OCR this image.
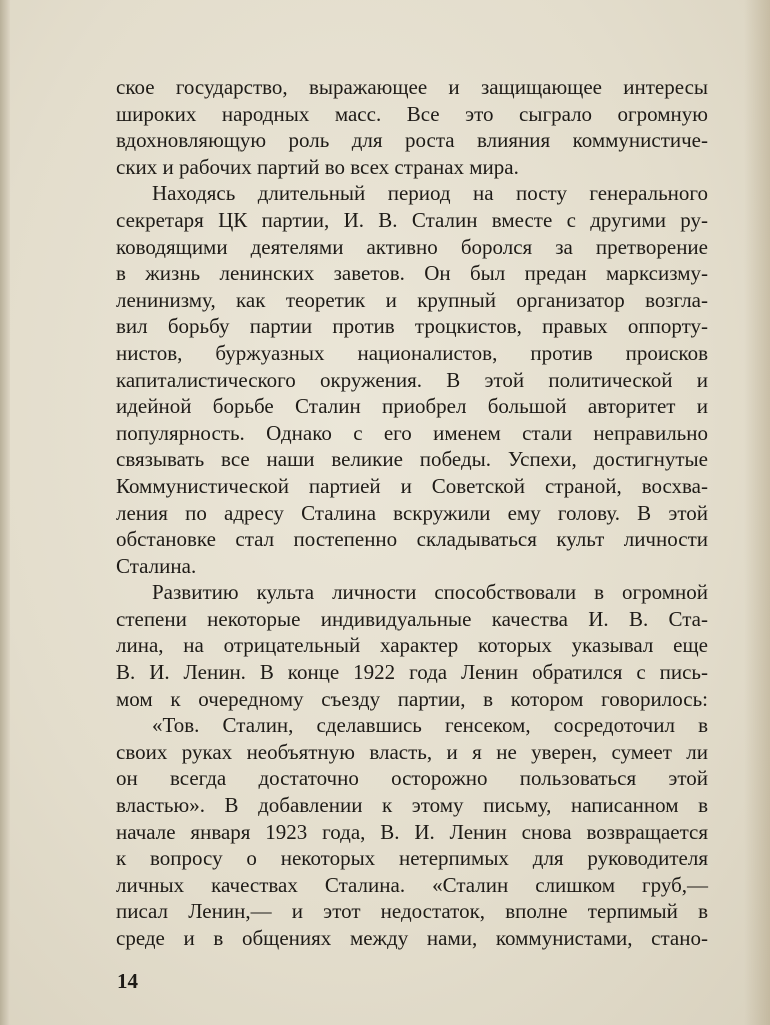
ское государство, выражающее и защищающее интересы
широких народных масс. Все это сыграло огромную
вдохновляющую роль для роста влияния коммунистиче-
ских и рабочих партий во всех странах мира.
Находясь длительный период на посту генерального
секретаря ЦК партии, И. В. Сталин вместе с другими ру-
ководящими деятелями активно боролся за претворение
в жизнь ленинских заветов. Он был предан марксизму-
ленинизму, как теоретик и крупный организатор возгла-
вил борьбу партии против троцкистов, правых оппорту-
нистов, буржуазных националистов, против происков
капиталистического окружения. В этой политической и
идейной борьбе Сталин приобрел большой авторитет и
популярность. Однако с его именем стали неправильно
связывать все наши великие победы. Успехи, достигнутые
Коммунистической партией и Советской страной, восхва-
ления по адресу Сталина вскружили ему голову. В этой
обстановке стал постепенно складываться культ личности
Сталина.
Развитию культа личности способствовали в огромной
степени некоторые индивидуальные качества И. В. Ста-
лина, на отрицательный характер которых указывал еще
В. И. Ленин. В конце 1922 года Ленин обратился с пись-
мом к очередному съезду партии, в котором говорилось:
«Тов. Сталин, сделавшись генсеком, сосредоточил в
своих руках необъятную власть, и я не уверен, сумеет ли
он всегда достаточно осторожно пользоваться этой
властью». В добавлении к этому письму, написанном в
начале января 1923 года, В. И. Ленин снова возвращается
к вопросу о некоторых нетерпимых для руководителя
личных качествах Сталина. «Сталин слишком груб,—
писал Ленин,— и этот недостаток, вполне терпимый в
среде и в общениях между нами, коммунистами, стано-
14
